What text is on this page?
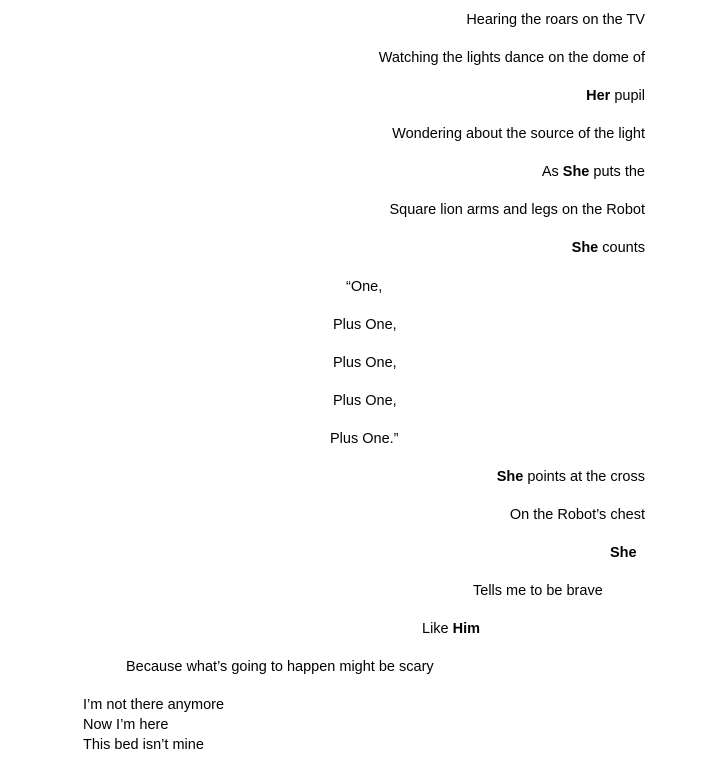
Hearing the roars on the TV
Watching the lights dance on the dome of
Her pupil
Wondering about the source of the light
As She puts the
Square lion arms and legs on the Robot
She counts
“One,
Plus One,
Plus One,
Plus One,
Plus One.”
She points at the cross
On the Robot’s chest
She
Tells me to be brave
Like Him
Because what’s going to happen might be scary
I’m not there anymore
Now I’m here
This bed isn’t mine
